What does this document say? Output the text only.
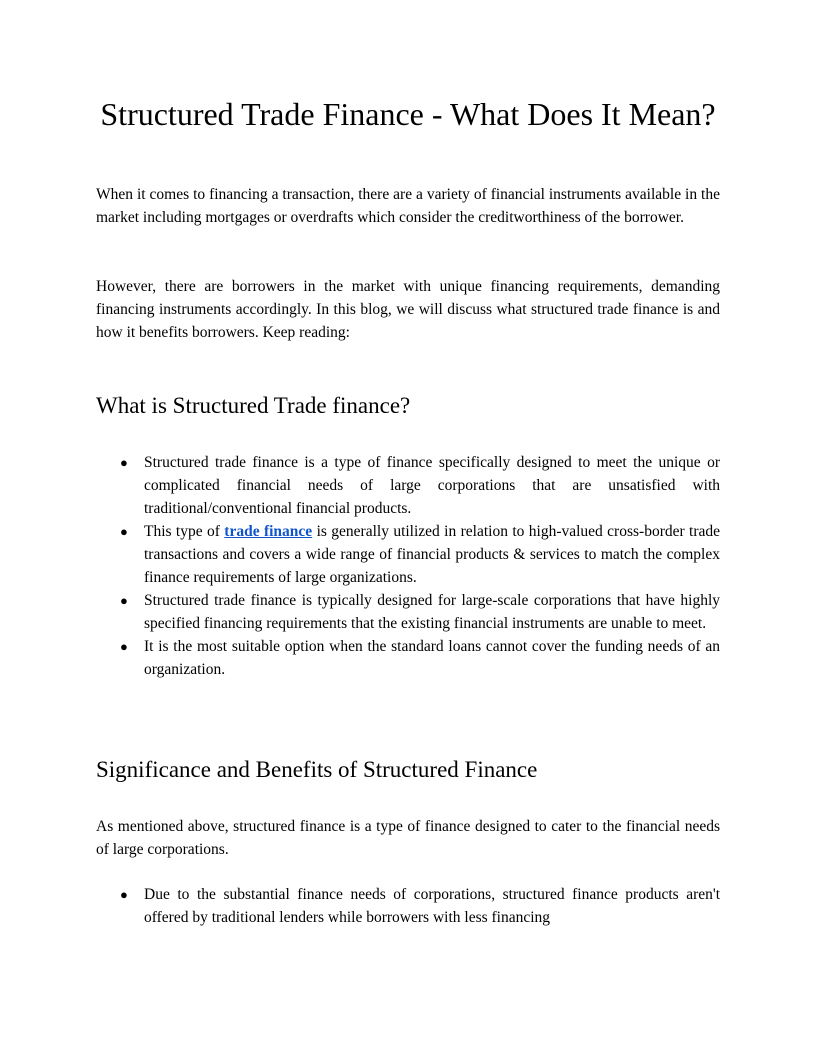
Structured Trade Finance - What Does It Mean?

When it comes to financing a transaction, there are a variety of financial instruments available in the market including mortgages or overdrafts which consider the creditworthiness of the borrower.

However, there are borrowers in the market with unique financing requirements, demanding financing instruments accordingly. In this blog, we will discuss what structured trade finance is and how it benefits borrowers. Keep reading:

What is Structured Trade finance?
● Structured trade finance is a type of finance specifically designed to meet the unique or complicated financial needs of large corporations that are unsatisfied with traditional/conventional financial products.
● This type of trade finance is generally utilized in relation to high-valued cross-border trade transactions and covers a wide range of financial products & services to match the complex finance requirements of large organizations.
● Structured trade finance is typically designed for large-scale corporations that have highly specified financing requirements that the existing financial instruments are unable to meet.
● It is the most suitable option when the standard loans cannot cover the funding needs of an organization.
Significance and Benefits of Structured Finance

As mentioned above, structured finance is a type of finance designed to cater to the financial needs of large corporations.

● Due to the substantial finance needs of corporations, structured finance products aren't offered by traditional lenders while borrowers with less financing
